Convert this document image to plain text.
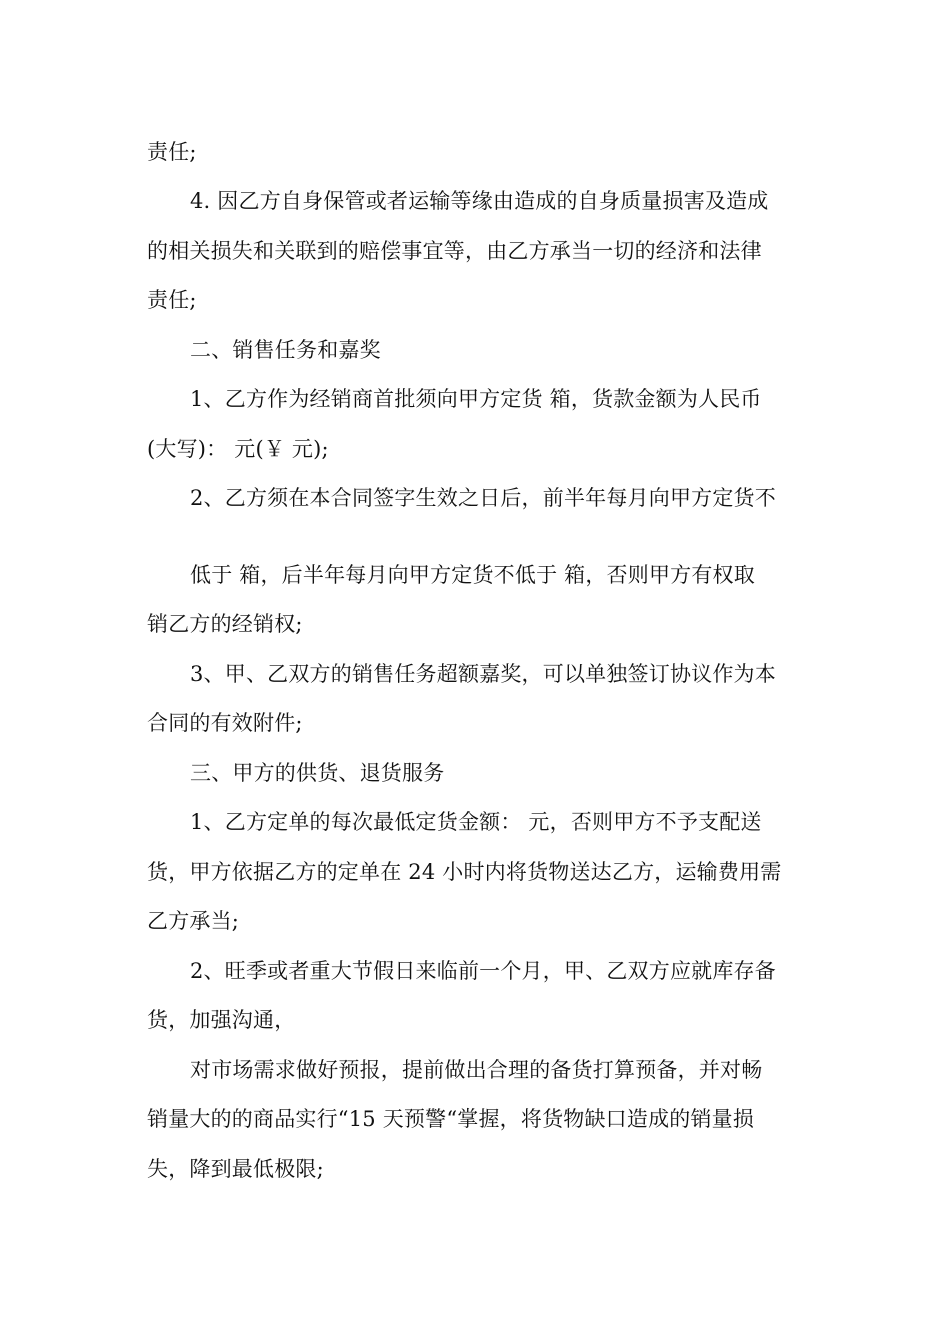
责任;
4. 因乙方自身保管或者运输等缘由造成的自身质量损害及造成
的相关损失和关联到的赔偿事宜等，由乙方承当一切的经济和法律
责任;
二、销售任务和嘉奖
1、乙方作为经销商首批须向甲方定货 箱，货款金额为人民币
(大写)： 元(￥ 元);
2、乙方须在本合同签字生效之日后，前半年每月向甲方定货不
低于 箱，后半年每月向甲方定货不低于 箱，否则甲方有权取
销乙方的经销权;
3、甲、乙双方的销售任务超额嘉奖，可以单独签订协议作为本
合同的有效附件;
三、甲方的供货、退货服务
1、乙方定单的每次最低定货金额： 元，否则甲方不予支配送
货，甲方依据乙方的定单在 24 小时内将货物送达乙方，运输费用需
乙方承当;
2、旺季或者重大节假日来临前一个月，甲、乙双方应就库存备
货，加强沟通，
对市场需求做好预报，提前做出合理的备货打算预备，并对畅
销量大的的商品实行“15 天预警“掌握，将货物缺口造成的销量损
失，降到最低极限;
